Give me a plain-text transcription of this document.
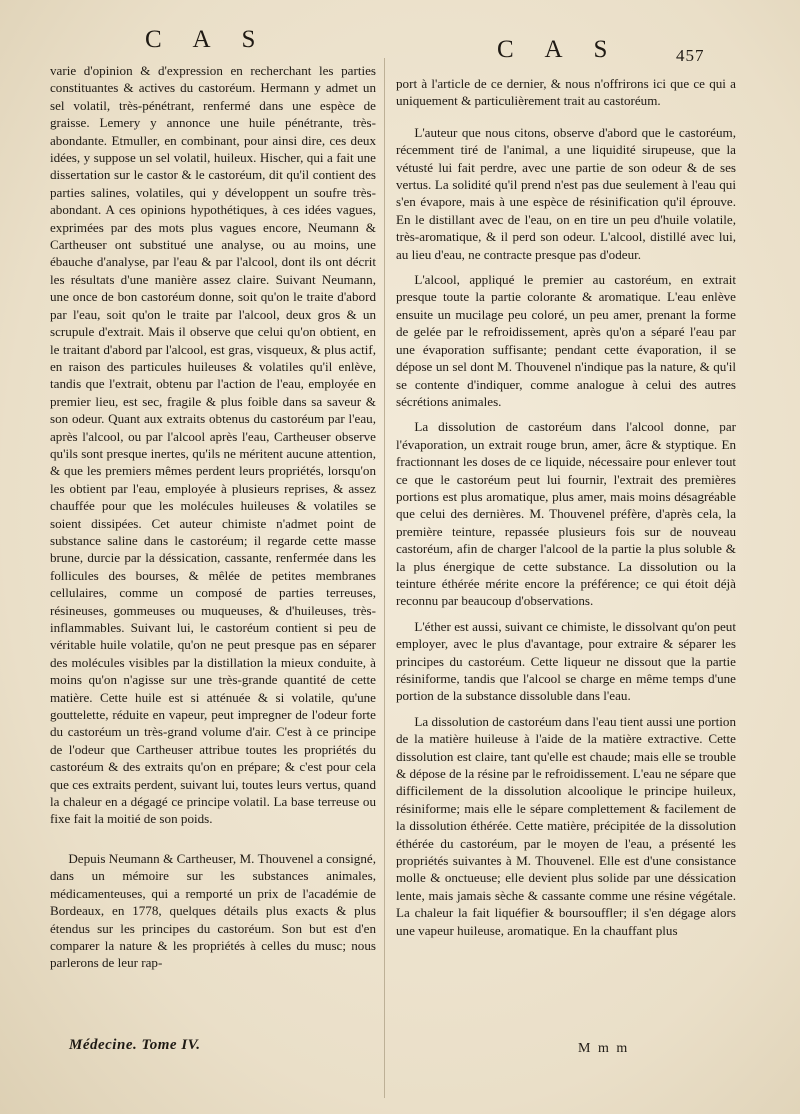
C A S	C A S	457

varie d'opinion & d'expression en recherchant les parties constituantes & actives du castoréum. Hermann y admet un sel volatil, très-pénétrant, renfermé dans une espèce de graisse. Lemery y annonce une huile pénétrante, très-abondante. Etmuller, en combinant, pour ainsi dire, ces deux idées, y suppose un sel volatil, huileux. Hischer, qui a fait une dissertation sur le castor & le castoréum, dit qu'il contient des parties salines, volatiles, qui y développent un soufre très-abondant. A ces opinions hypothétiques, à ces idées vagues, exprimées par des mots plus vagues encore, Neumann & Cartheuser ont substitué une analyse, ou au moins, une ébauche d'analyse, par l'eau & par l'alcool, dont ils ont décrit les résultats d'une manière assez claire. Suivant Neumann, une once de bon castoréum donne, soit qu'on le traite d'abord par l'eau, soit qu'on le traite par l'alcool, deux gros & un scrupule d'extrait. Mais il observe que celui qu'on obtient, en le traitant d'abord par l'alcool, est gras, visqueux, & plus actif, en raison des particules huileuses & volatiles qu'il enlève, tandis que l'extrait, obtenu par l'action de l'eau, employée en premier lieu, est sec, fragile & plus foible dans sa saveur & son odeur. Quant aux extraits obtenus du castoréum par l'eau, après l'alcool, ou par l'alcool après l'eau, Cartheuser observe qu'ils sont presque inertes, qu'ils ne méritent aucune attention, & que les premiers mêmes perdent leurs propriétés, lorsqu'on les obtient par l'eau, employée à plusieurs reprises, & assez chauffée pour que les molécules huileuses & volatiles se soient dissipées. Cet auteur chimiste n'admet point de substance saline dans le castoréum; il regarde cette masse brune, durcie par la déssication, cassante, renfermée dans les follicules des bourses, & mêlée de petites membranes cellulaires, comme un composé de parties terreuses, résineuses, gommeuses ou muqueuses, & d'huileuses, très-inflammables. Suivant lui, le castoréum contient si peu de véritable huile volatile, qu'on ne peut presque pas en séparer des molécules visibles par la distillation la mieux conduite, à moins qu'on n'agisse sur une très-grande quantité de cette matière. Cette huile est si atténuée & si volatile, qu'une gouttelette, réduite en vapeur, peut impregner de l'odeur forte du castoréum un très-grand volume d'air. C'est à ce principe de l'odeur que Cartheuser attribue toutes les propriétés du castoréum & des extraits qu'on en prépare; & c'est pour cela que ces extraits perdent, suivant lui, toutes leurs vertus, quand la chaleur en a dégagé ce principe volatil. La base terreuse ou fixe fait la moitié de son poids.

Depuis Neumann & Cartheuser, M. Thouvenel a consigné, dans un mémoire sur les substances animales, médicamenteuses, qui a remporté un prix de l'académie de Bordeaux, en 1778, quelques détails plus exacts & plus étendus sur les principes du castoréum. Son but est d'en comparer la nature & les propriétés à celles du musc; nous parlerons de leur rap-

port à l'article de ce dernier, & nous n'offrirons ici que ce qui a uniquement & particulièrement trait au castoréum.

L'auteur que nous citons, observe d'abord que le castoréum, récemment tiré de l'animal, a une liquidité sirupeuse, que la vétusté lui fait perdre, avec une partie de son odeur & de ses vertus. La solidité qu'il prend n'est pas due seulement à l'eau qui s'en évapore, mais à une espèce de résinification qu'il éprouve. En le distillant avec de l'eau, on en tire un peu d'huile volatile, très-aromatique, & il perd son odeur. L'alcool, distillé avec lui, au lieu d'eau, ne contracte presque pas d'odeur.

L'alcool, appliqué le premier au castoréum, en extrait presque toute la partie colorante & aromatique. L'eau enlève ensuite un mucilage peu coloré, un peu amer, prenant la forme de gelée par le refroidissement, après qu'on a séparé l'eau par une évaporation suffisante; pendant cette évaporation, il se dépose un sel dont M. Thouvenel n'indique pas la nature, & qu'il se contente d'indiquer, comme analogue à celui des autres sécrétions animales.

La dissolution de castoréum dans l'alcool donne, par l'évaporation, un extrait rouge brun, amer, âcre & styptique. En fractionnant les doses de ce liquide, nécessaire pour enlever tout ce que le castoréum peut lui fournir, l'extrait des premières portions est plus aromatique, plus amer, mais moins désagréable que celui des dernières. M. Thouvenel préfère, d'après cela, la première teinture, repassée plusieurs fois sur de nouveau castoréum, afin de charger l'alcool de la partie la plus soluble & la plus énergique de cette substance. La dissolution ou la teinture éthérée mérite encore la préférence; ce qui étoit déjà reconnu par beaucoup d'observations.

L'éther est aussi, suivant ce chimiste, le dissolvant qu'on peut employer, avec le plus d'avantage, pour extraire & séparer les principes du castoréum. Cette liqueur ne dissout que la partie résiniforme, tandis que l'alcool se charge en même temps d'une portion de la substance dissoluble dans l'eau.

La dissolution de castoréum dans l'eau tient aussi une portion de la matière huileuse à l'aide de la matière extractive. Cette dissolution est claire, tant qu'elle est chaude; mais elle se trouble & dépose de la résine par le refroidissement. L'eau ne sépare que difficilement de la dissolution alcoolique le principe huileux, résiniforme; mais elle le sépare complettement & facilement de la dissolution éthérée. Cette matière, précipitée de la dissolution éthérée du castoréum, par le moyen de l'eau, a présenté les propriétés suivantes à M. Thouvenel. Elle est d'une consistance molle & onctueuse; elle devient plus solide par une déssication lente, mais jamais sèche & cassante comme une résine végétale. La chaleur la fait liquéfier & boursouffler; il s'en dégage alors une vapeur huileuse, aromatique. En la chauffant plus

Médecine. Tome IV.	M m m
